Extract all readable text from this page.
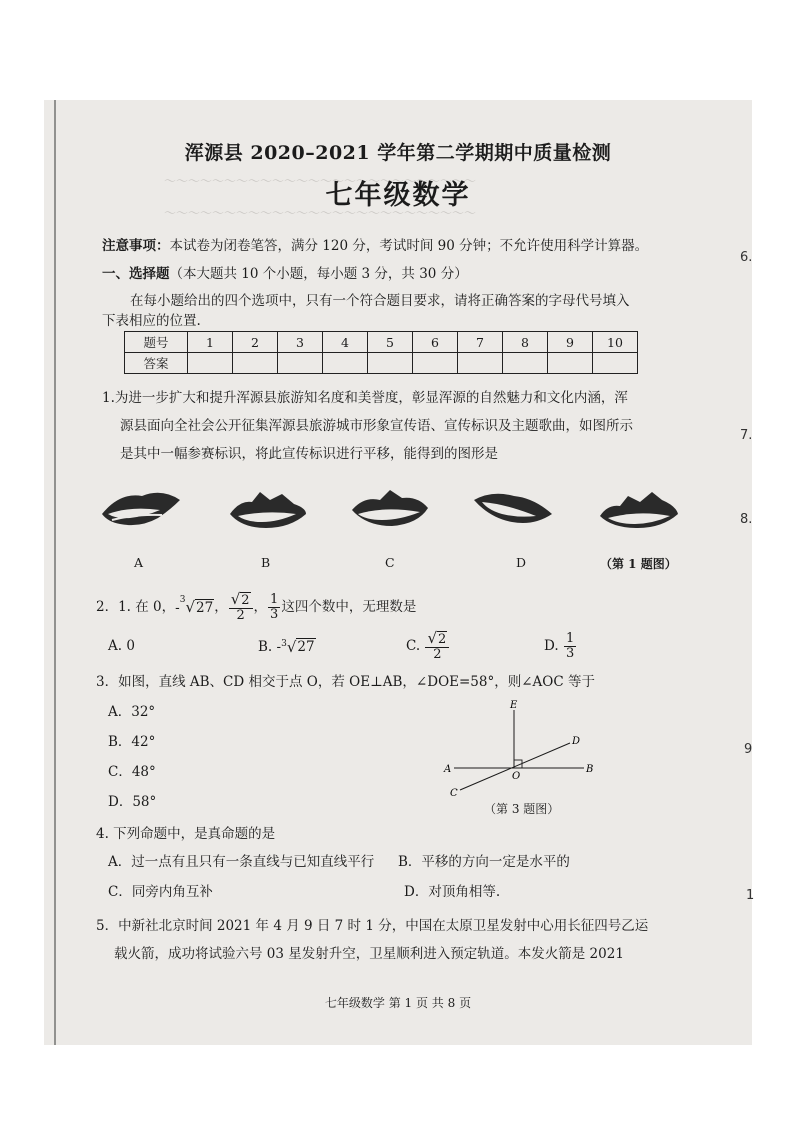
～～～～～～～～～～～～～～～～～～～～～～～～～～
～～～～～～～～～～～～～～～～～～～～～～～～～～
浑源县 2020–2021 学年第二学期期中质量检测
七年级数学
注意事项：本试卷为闭卷笔答，满分 120 分，考试时间 90 分钟；不允许使用科学计算器。
一、选择题（本大题共 10 个小题，每小题 3 分，共 30 分）
在每小题给出的四个选项中，只有一个符合题目要求，请将正确答案的字母代号填入
下表相应的位置.
题号	1	2	3	4	5	6	7	8	9	10
答案										
1.为进一步扩大和提升浑源县旅游知名度和美誉度，彰显浑源的自然魅力和文化内涵，浑
源县面向全社会公开征集浑源县旅游城市形象宣传语、宣传标识及主题歌曲，如图所示
是其中一幅参赛标识，将此宣传标识进行平移，能得到的图形是
A	B	C	D	（第 1 题图）
2．1. 在 0， -$^3$√27 ， $\frac{√2}{2}$ ， $\frac{1}{3}$ 这四个数中，无理数是
A. 0	B.
- 3 √ 27	C.
$\frac{√2}{2}$	D.
$\frac{1}{3}$
3．如图，直线 AB、CD 相交于点 O，若 OE⊥AB，∠DOE=58°，则∠AOC 等于
A．32°
B．42°
C．48°
D．58°
E
D
A
O
B
C
（第 3 题图）
4. 下列命题中，是真命题的是
A．过一点有且只有一条直线与已知直线平行 B．平移的方向一定是水平的
C．同旁内角互补	D．对顶角相等.
5．中新社北京时间 2021 年 4 月 9 日 7 时 1 分，中国在太原卫星发射中心用长征四号乙运
载火箭，成功将试验六号 03 星发射升空，卫星顺利进入预定轨道。本发火箭是 2021
七年级数学 第 1 页 共 8 页
6.
7.
8.
9
1
